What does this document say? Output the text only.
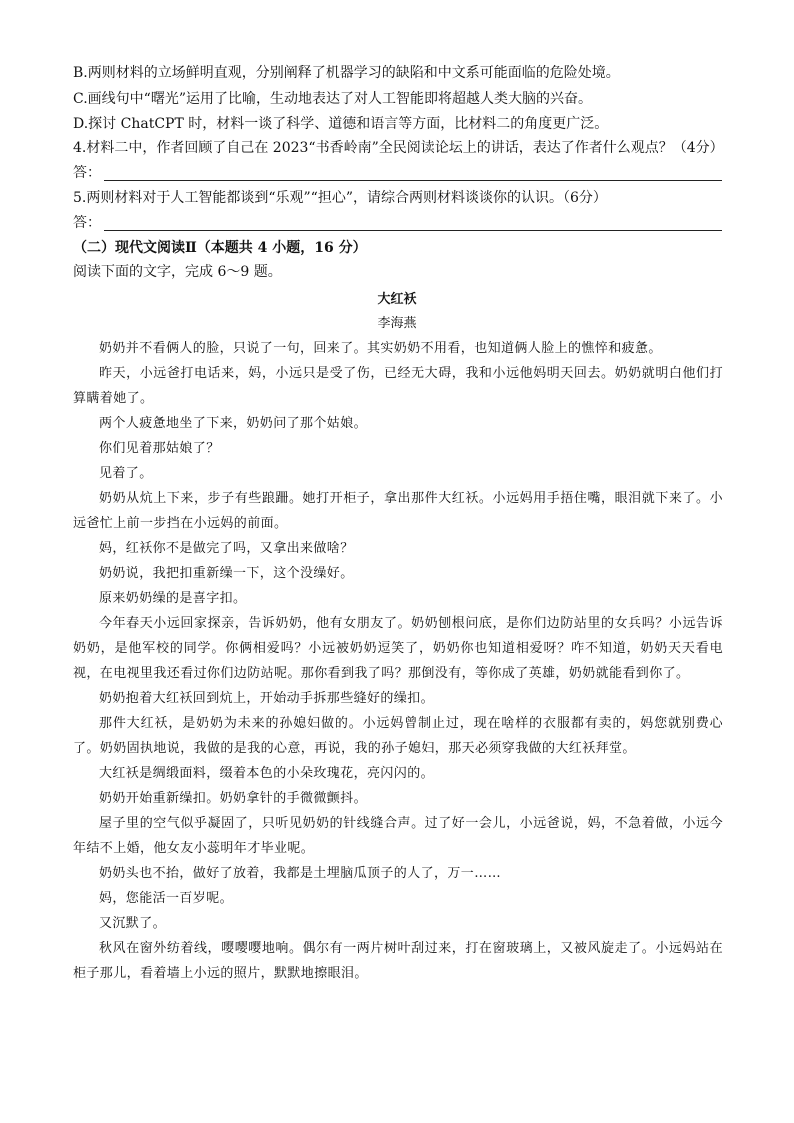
B.两则材料的立场鲜明直观，分别阐释了机器学习的缺陷和中文系可能面临的危险处境。
C.画线句中“曙光”运用了比喻，生动地表达了对人工智能即将超越人类大脑的兴奋。
D.探讨 ChatCPT 时，材料一谈了科学、道德和语言等方面，比材料二的角度更广泛。
4.材料二中，作者回顾了自己在 2023“书香岭南”全民阅读论坛上的讲话，表达了作者什么观点？（4分）
答：
5.两则材料对于人工智能都谈到“乐观”“担心”，请综合两则材料谈谈你的认识。（6分）
答：
（二）现代文阅读Ⅱ（本题共 4 小题，16 分）
阅读下面的文字，完成 6～9 题。
大红袄
李海燕

奶奶并不看俩人的脸，只说了一句，回来了。其实奶奶不用看，也知道俩人脸上的憔悴和疲惫。

昨天，小远爸打电话来，妈，小远只是受了伤，已经无大碍，我和小远他妈明天回去。奶奶就明白他们打算瞒着她了。

两个人疲惫地坐了下来，奶奶问了那个姑娘。

你们见着那姑娘了？

见着了。

奶奶从炕上下来，步子有些踉跚。她打开柜子，拿出那件大红袄。小远妈用手捂住嘴，眼泪就下来了。小远爸忙上前一步挡在小远妈的前面。

妈，红袄你不是做完了吗，又拿出来做啥？

奶奶说，我把扣重新缲一下，这个没缲好。

原来奶奶缲的是喜字扣。

今年春天小远回家探亲，告诉奶奶，他有女朋友了。奶奶刨根问底，是你们边防站里的女兵吗？小远告诉奶奶，是他军校的同学。你俩相爱吗？小远被奶奶逗笑了，奶奶你也知道相爱呀？咋不知道，奶奶天天看电视，在电视里我还看过你们边防站呢。那你看到我了吗？那倒没有，等你成了英雄，奶奶就能看到你了。

奶奶抱着大红袄回到炕上，开始动手拆那些缝好的缲扣。

那件大红袄，是奶奶为未来的孙媳妇做的。小远妈曾制止过，现在啥样的衣服都有卖的，妈您就别费心了。奶奶固执地说，我做的是我的心意，再说，我的孙子媳妇，那天必须穿我做的大红袄拜堂。

大红袄是绸缎面料，缀着本色的小朵玫瑰花，亮闪闪的。

奶奶开始重新缲扣。奶奶拿针的手微微颤抖。

屋子里的空气似乎凝固了，只听见奶奶的针线缝合声。过了好一会儿，小远爸说，妈，不急着做，小远今年结不上婚，他女友小蕊明年才毕业呢。

奶奶头也不抬，做好了放着，我都是土埋脑瓜顶子的人了，万一……

妈，您能活一百岁呢。

又沉默了。

秋风在窗外纺着线，嘤嘤嘤地响。偶尔有一两片树叶刮过来，打在窗玻璃上，又被风旋走了。小远妈站在柜子那儿，看着墙上小远的照片，默默地擦眼泪。
